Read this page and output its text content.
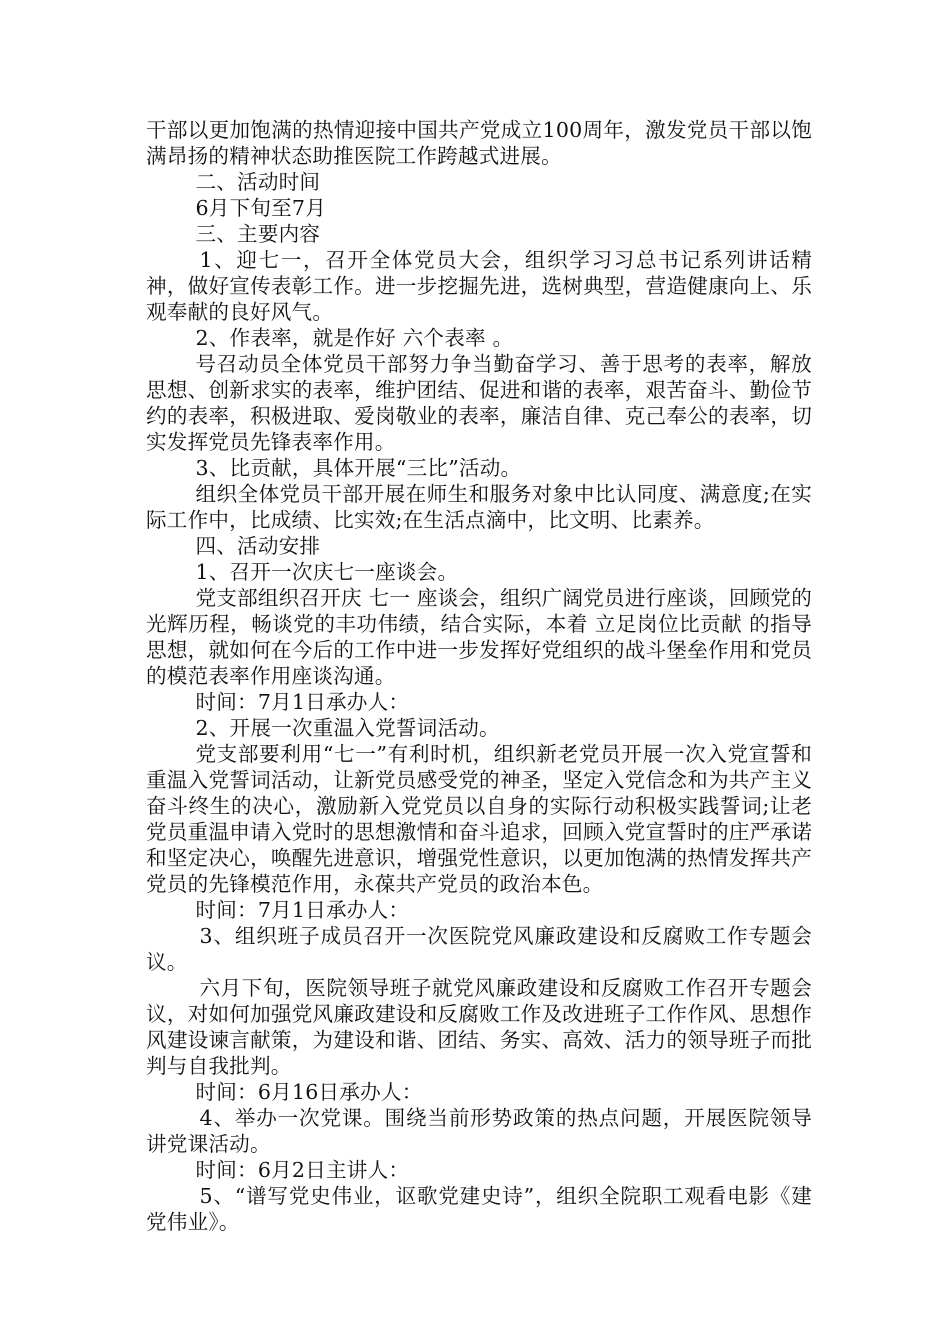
干部以更加饱满的热情迎接中国共产党成立100周年，激发党员干部以饱满昂扬的精神状态助推医院工作跨越式进展。

二、活动时间

6月下旬至7月

三、主要内容

1、迎七一，召开全体党员大会，组织学习习总书记系列讲话精神，做好宣传表彰工作。进一步挖掘先进，选树典型，营造健康向上、乐观奉献的良好风气。

2、作表率，就是作好 六个表率 。

号召动员全体党员干部努力争当勤奋学习、善于思考的表率，解放思想、创新求实的表率，维护团结、促进和谐的表率，艰苦奋斗、勤俭节约的表率，积极进取、爱岗敬业的表率，廉洁自律、克己奉公的表率，切实发挥党员先锋表率作用。

3、比贡献，具体开展“三比”活动。

组织全体党员干部开展在师生和服务对象中比认同度、满意度;在实际工作中，比成绩、比实效;在生活点滴中，比文明、比素养。

四、活动安排

1、召开一次庆七一座谈会。

党支部组织召开庆 七一 座谈会，组织广阔党员进行座谈，回顾党的光辉历程，畅谈党的丰功伟绩，结合实际，本着 立足岗位比贡献 的指导思想，就如何在今后的工作中进一步发挥好党组织的战斗堡垒作用和党员的模范表率作用座谈沟通。

时间：7月1日承办人：

2、开展一次重温入党誓词活动。

党支部要利用“七一”有利时机，组织新老党员开展一次入党宣誓和重温入党誓词活动，让新党员感受党的神圣，坚定入党信念和为共产主义奋斗终生的决心，激励新入党党员以自身的实际行动积极实践誓词;让老党员重温申请入党时的思想激情和奋斗追求，回顾入党宣誓时的庄严承诺和坚定决心，唤醒先进意识，增强党性意识，以更加饱满的热情发挥共产党员的先锋模范作用，永葆共产党员的政治本色。

时间：7月1日承办人：

3、组织班子成员召开一次医院党风廉政建设和反腐败工作专题会议。

六月下旬，医院领导班子就党风廉政建设和反腐败工作召开专题会议，对如何加强党风廉政建设和反腐败工作及改进班子工作作风、思想作风建设谏言献策，为建设和谐、团结、务实、高效、活力的领导班子而批判与自我批判。

时间：6月16日承办人：

4、举办一次党课。围绕当前形势政策的热点问题，开展医院领导讲党课活动。

时间：6月2日主讲人：

5、“谱写党史伟业，讴歌党建史诗”，组织全院职工观看电影《建党伟业》。
